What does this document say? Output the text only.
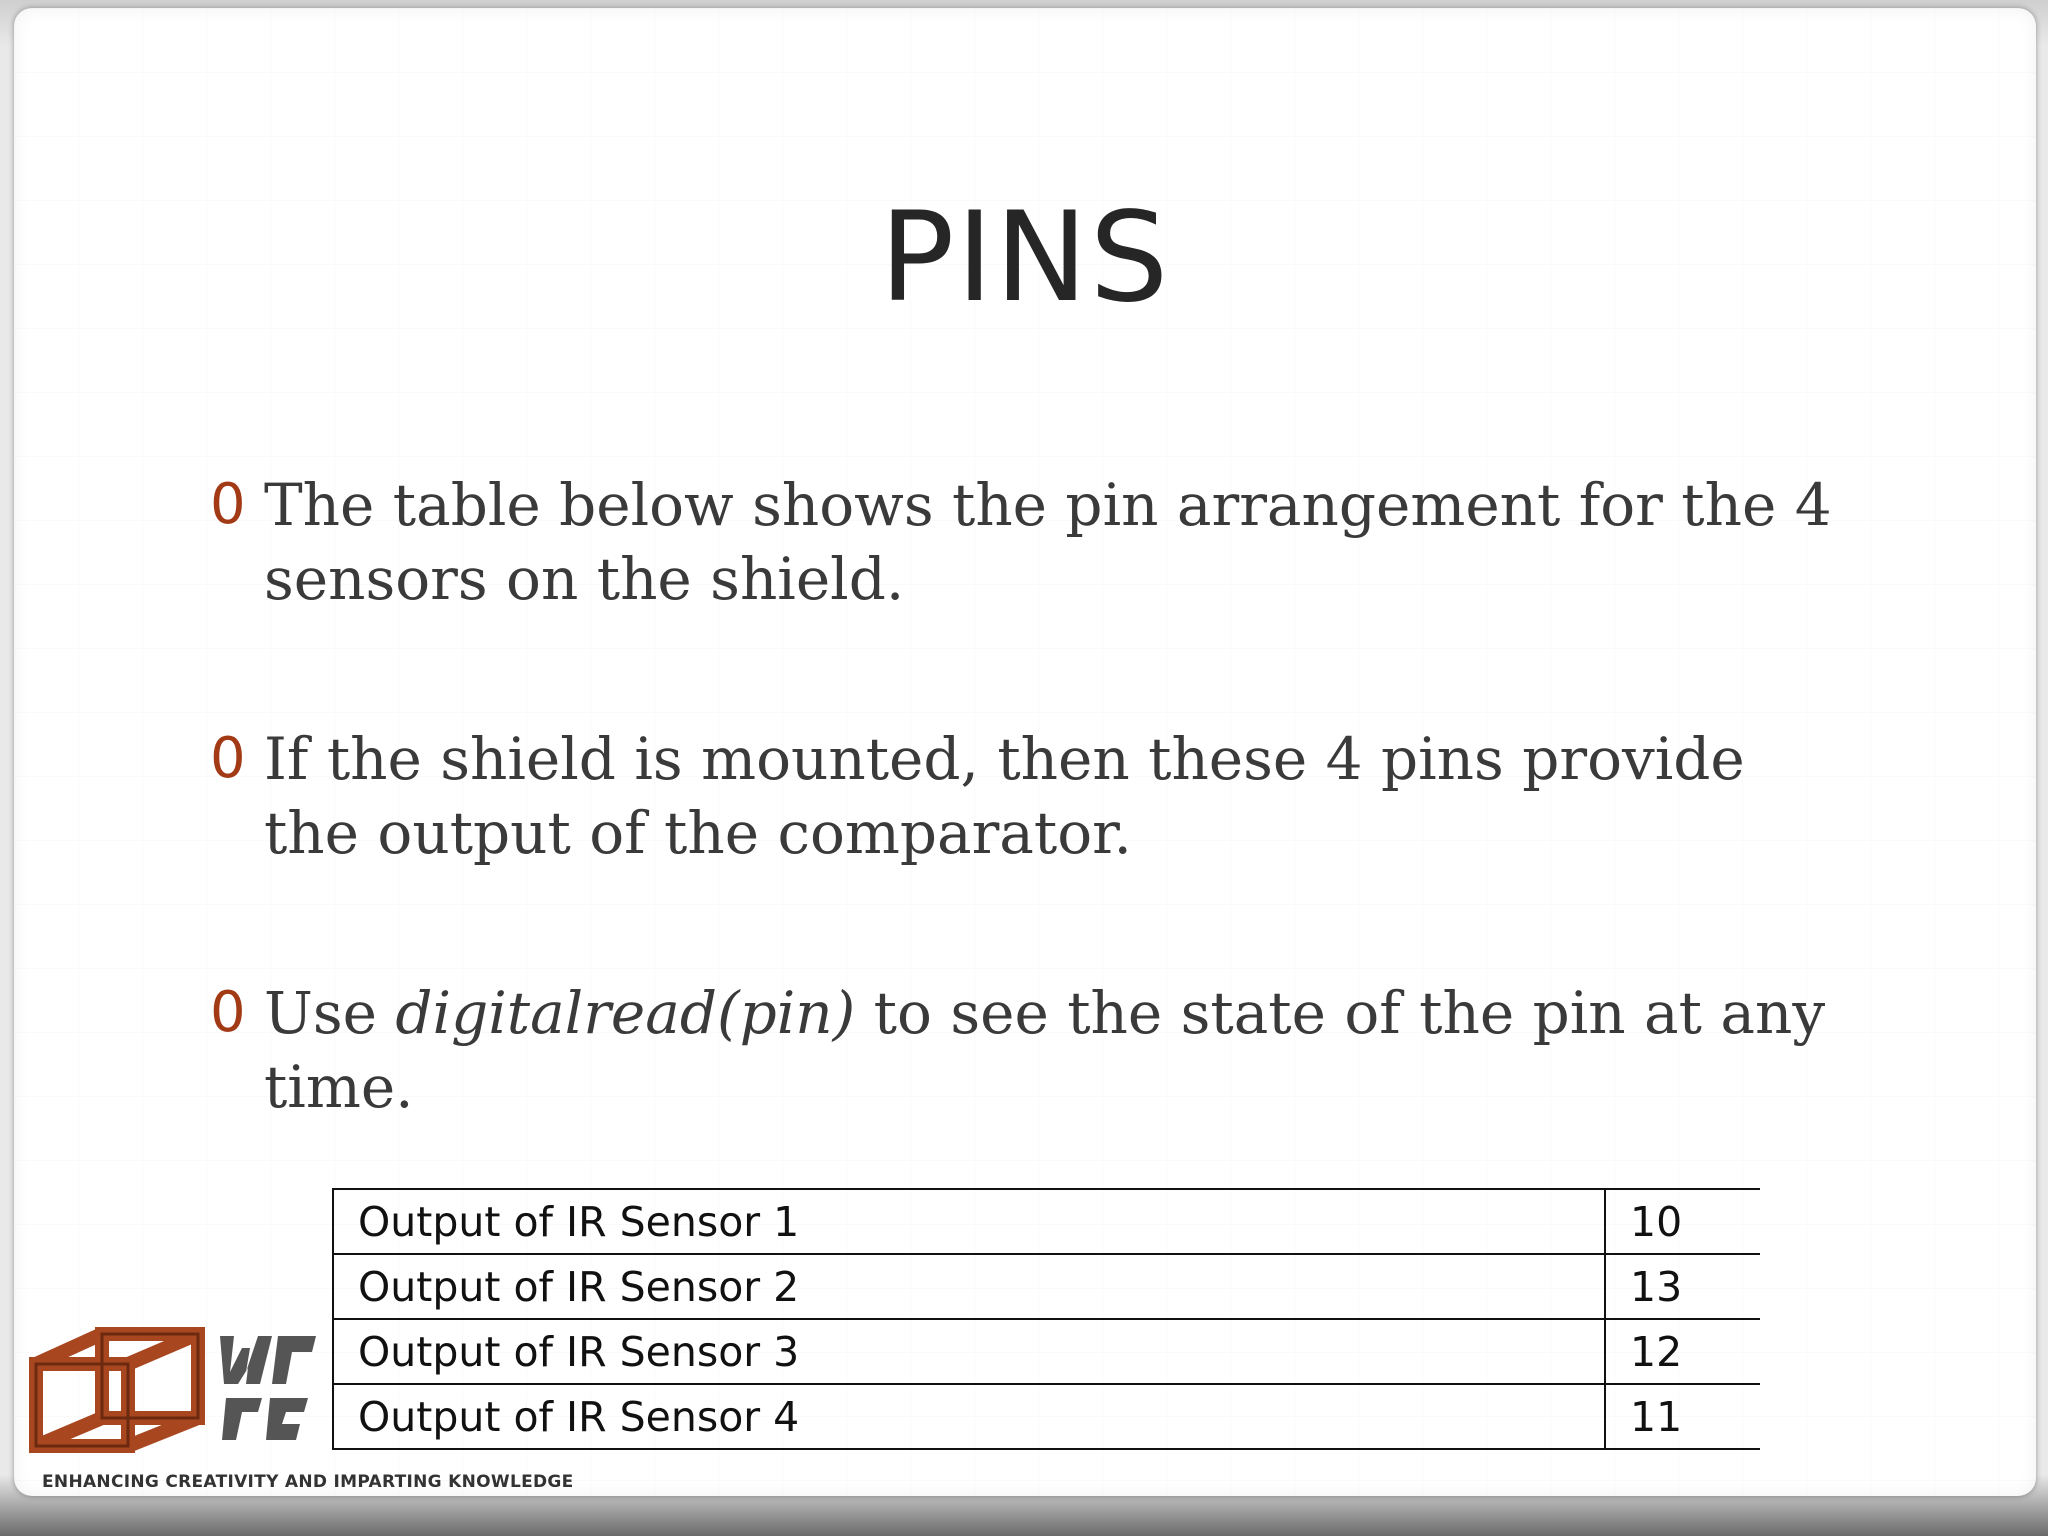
PINS
0 The table below shows the pin arrangement for the 4 sensors on the shield.
0 If the shield is mounted, then these 4 pins provide the output of the comparator.
0 Use digitalread(pin) to see the state of the pin at any time.
ENHANCING CREATIVITY AND IMPARTING KNOWLEDGE
Output of IR Sensor 1	10
Output of IR Sensor 2	13
Output of IR Sensor 3	12
Output of IR Sensor 4	11
